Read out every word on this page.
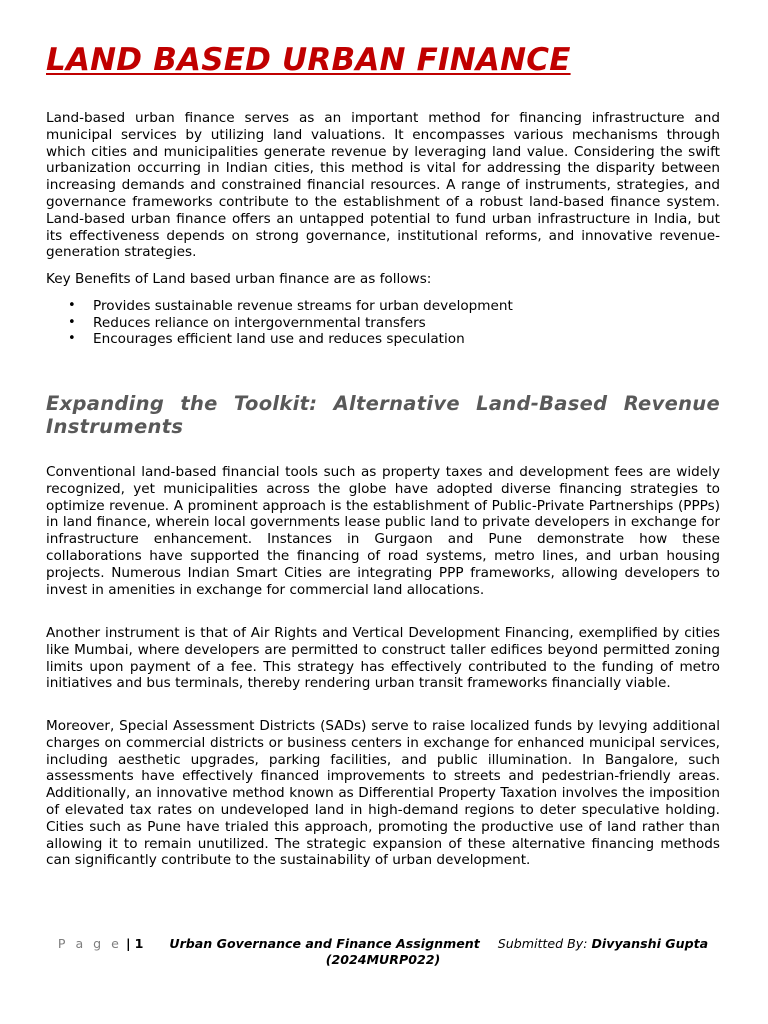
LAND BASED URBAN FINANCE

Land-based urban finance serves as an important method for financing infrastructure and municipal services by utilizing land valuations. It encompasses various mechanisms through which cities and municipalities generate revenue by leveraging land value. Considering the swift urbanization occurring in Indian cities, this method is vital for addressing the disparity between increasing demands and constrained financial resources. A range of instruments, strategies, and governance frameworks contribute to the establishment of a robust land-based finance system. Land-based urban finance offers an untapped potential to fund urban infrastructure in India, but its effectiveness depends on strong governance, institutional reforms, and innovative revenue-generation strategies.

Key Benefits of Land based urban finance are as follows:

• Provides sustainable revenue streams for urban development
• Reduces reliance on intergovernmental transfers
• Encourages efficient land use and reduces speculation
Expanding the Toolkit: Alternative Land-Based Revenue Instruments

Conventional land-based financial tools such as property taxes and development fees are widely recognized, yet municipalities across the globe have adopted diverse financing strategies to optimize revenue. A prominent approach is the establishment of Public-Private Partnerships (PPPs) in land finance, wherein local governments lease public land to private developers in exchange for infrastructure enhancement. Instances in Gurgaon and Pune demonstrate how these collaborations have supported the financing of road systems, metro lines, and urban housing projects. Numerous Indian Smart Cities are integrating PPP frameworks, allowing developers to invest in amenities in exchange for commercial land allocations.

Another instrument is that of Air Rights and Vertical Development Financing, exemplified by cities like Mumbai, where developers are permitted to construct taller edifices beyond permitted zoning limits upon payment of a fee. This strategy has effectively contributed to the funding of metro initiatives and bus terminals, thereby rendering urban transit frameworks financially viable.

Moreover, Special Assessment Districts (SADs) serve to raise localized funds by levying additional charges on commercial districts or business centers in exchange for enhanced municipal services, including aesthetic upgrades, parking facilities, and public illumination. In Bangalore, such assessments have effectively financed improvements to streets and pedestrian-friendly areas. Additionally, an innovative method known as Differential Property Taxation involves the imposition of elevated tax rates on undeveloped land in high-demand regions to deter speculative holding. Cities such as Pune have trialed this approach, promoting the productive use of land rather than allowing it to remain unutilized. The strategic expansion of these alternative financing methods can significantly contribute to the sustainability of urban development.

P a g e | 1 Urban Governance and Finance Assignment Submitted By: Divyanshi Gupta
(2024MURP022)
